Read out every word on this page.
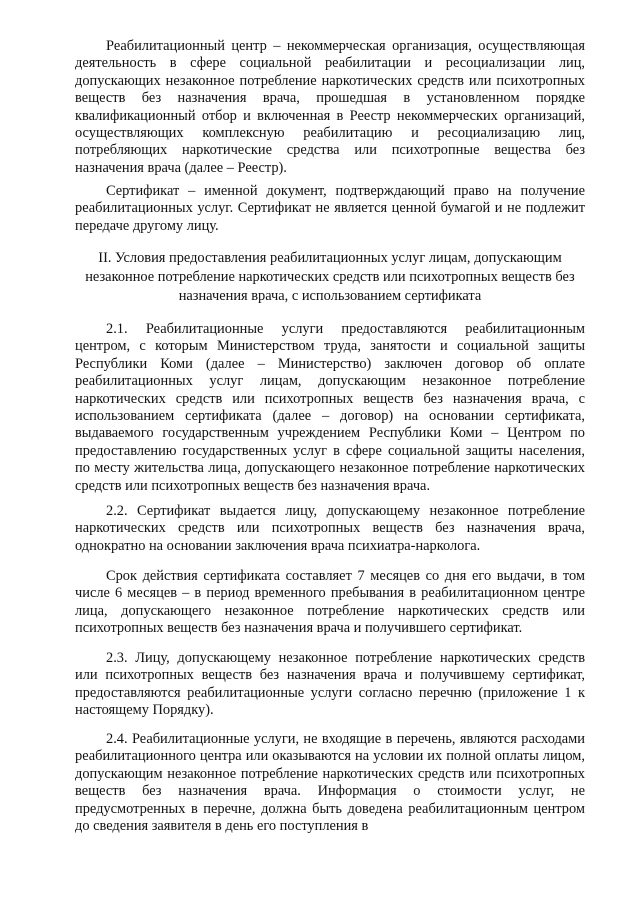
Реабилитационный центр – некоммерческая организация, осуществляющая деятельность в сфере социальной реабилитации и ресоциализации лиц, допускающих незаконное потребление наркотических средств или психотропных веществ без назначения врача, прошедшая в установленном порядке квалификационный отбор и включенная в Реестр некоммерческих организаций, осуществляющих комплексную реабилитацию и ресоциализацию лиц, потребляющих наркотические средства или психотропные вещества без назначения врача (далее – Реестр).

Сертификат – именной документ, подтверждающий право на получение реабилитационных услуг. Сертификат не является ценной бумагой и не подлежит передаче другому лицу.

II. Условия предоставления реабилитационных услуг лицам, допускающим
незаконное потребление наркотических средств или психотропных веществ без
назначения врача, с использованием сертификата

2.1. Реабилитационные услуги предоставляются реабилитационным центром, с которым Министерством труда, занятости и социальной защиты Республики Коми (далее – Министерство) заключен договор об оплате реабилитационных услуг лицам, допускающим незаконное потребление наркотических средств или психотропных веществ без назначения врача, с использованием сертификата (далее – договор) на основании сертификата, выдаваемого государственным учреждением Республики Коми – Центром по предоставлению государственных услуг в сфере социальной защиты населения, по месту жительства лица, допускающего незаконное потребление наркотических средств или психотропных веществ без назначения врача.

2.2. Сертификат выдается лицу, допускающему незаконное потребление наркотических средств или психотропных веществ без назначения врача, однократно на основании заключения врача психиатра-нарколога.

Срок действия сертификата составляет 7 месяцев со дня его выдачи, в том числе 6 месяцев – в период временного пребывания в реабилитационном центре лица, допускающего незаконное потребление наркотических средств или психотропных веществ без назначения врача и получившего сертификат.

2.3. Лицу, допускающему незаконное потребление наркотических средств или психотропных веществ без назначения врача и получившему сертификат, предоставляются реабилитационные услуги согласно перечню (приложение 1 к настоящему Порядку).

2.4. Реабилитационные услуги, не входящие в перечень, являются расходами реабилитационного центра или оказываются на условии их полной оплаты лицом, допускающим незаконное потребление наркотических средств или психотропных веществ без назначения врача. Информация о стоимости услуг, не предусмотренных в перечне, должна быть доведена реабилитационным центром до сведения заявителя в день его поступления в
